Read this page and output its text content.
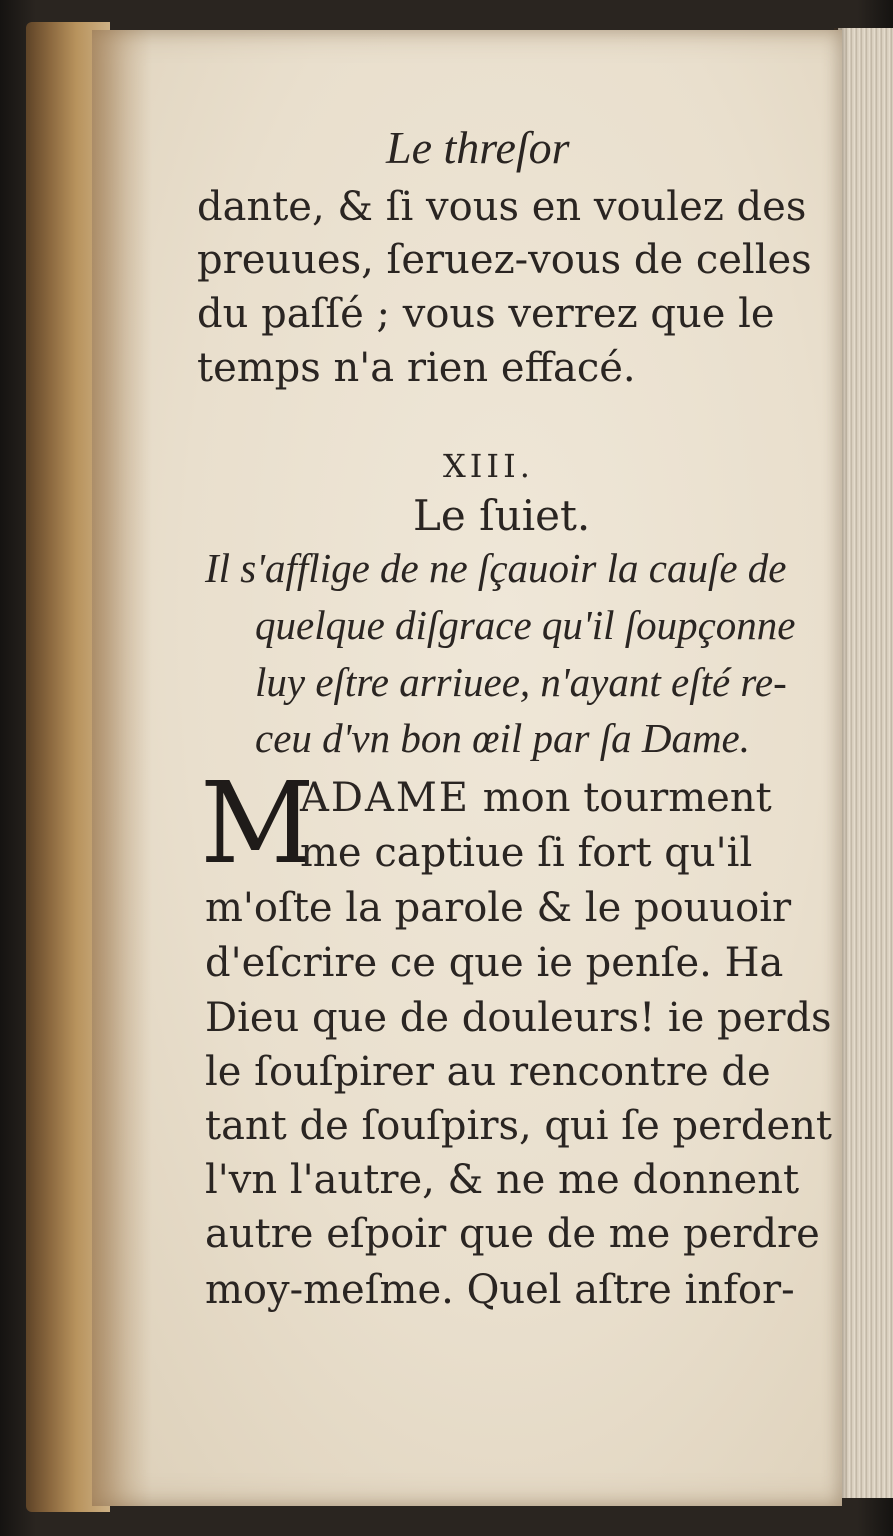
Le threſor

dante, & ſi vous en voulez des

preuues, ſeruez-vous de celles

du paſſé ; vous verrez que le

temps n'a rien effacé.

XIII.

Le ſuiet.

Il s'afflige de ne ſçauoir la cauſe de

quelque diſgrace qu'il ſoupçonne

luy eſtre arriuee, n'ayant eſté re-

ceu d'vn bon œil par ſa Dame.

M

ADAME mon tourment

me captiue ſi fort qu'il

m'oſte la parole & le pouuoir

d'eſcrire ce que ie penſe. Ha

Dieu que de douleurs! ie perds

le ſouſpirer au rencontre de

tant de ſouſpirs, qui ſe perdent

l'vn l'autre, & ne me donnent

autre eſpoir que de me perdre

moy-meſme. Quel aſtre infor-
